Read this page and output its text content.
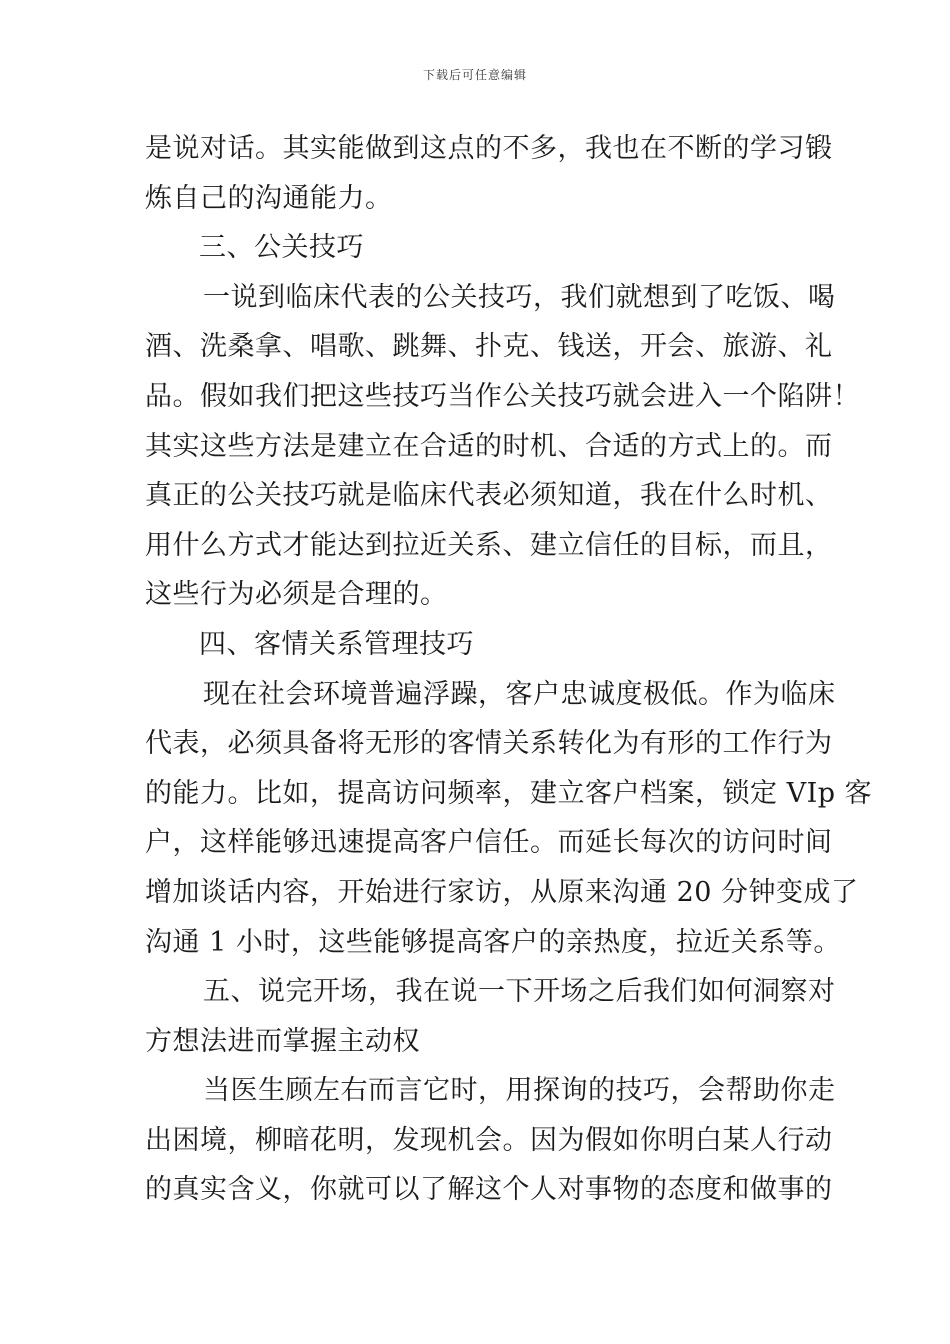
下载后可任意编辑
是说对话。其实能做到这点的不多，我也在不断的学习锻
炼自己的沟通能力。
三、公关技巧
一说到临床代表的公关技巧，我们就想到了吃饭、喝
酒、洗桑拿、唱歌、跳舞、扑克、钱送，开会、旅游、礼
品。假如我们把这些技巧当作公关技巧就会进入一个陷阱！
其实这些方法是建立在合适的时机、合适的方式上的。而
真正的公关技巧就是临床代表必须知道，我在什么时机、
用什么方式才能达到拉近关系、建立信任的目标，而且，
这些行为必须是合理的。
四、客情关系管理技巧
现在社会环境普遍浮躁，客户忠诚度极低。作为临床
代表，必须具备将无形的客情关系转化为有形的工作行为
的能力。比如，提高访问频率，建立客户档案，锁定 VIp 客
户，这样能够迅速提高客户信任。而延长每次的访问时间
增加谈话内容，开始进行家访，从原来沟通 20 分钟变成了
沟通 1 小时，这些能够提高客户的亲热度，拉近关系等。
五、说完开场，我在说一下开场之后我们如何洞察对
方想法进而掌握主动权
当医生顾左右而言它时，用探询的技巧，会帮助你走
出困境，柳暗花明，发现机会。因为假如你明白某人行动
的真实含义，你就可以了解这个人对事物的态度和做事的
